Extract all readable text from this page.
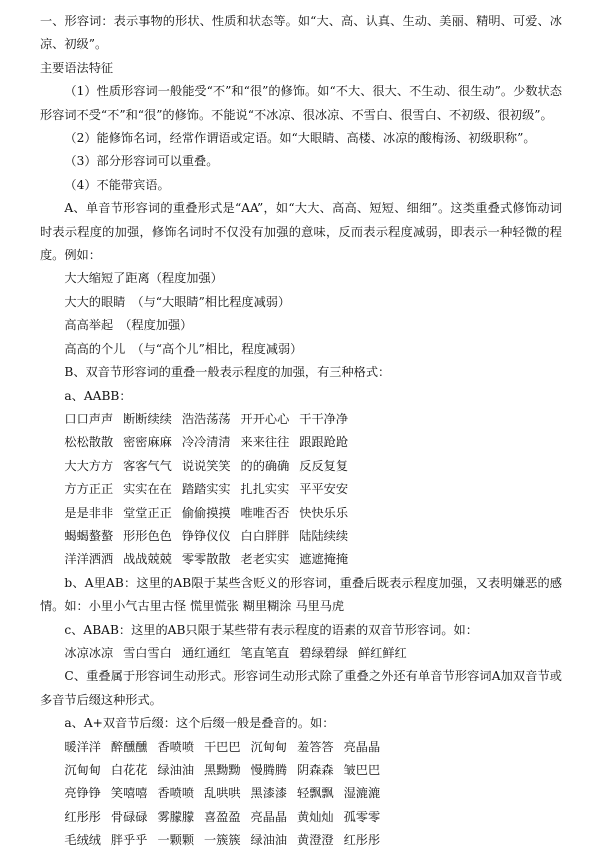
一、形容词：表示事物的形状、性质和状态等。如“大、高、认真、生动、美丽、精明、可爱、冰凉、初级”。

主要语法特征

（1）性质形容词一般能受“不”和“很”的修饰。如“不大、很大、不生动、很生动”。少数状态形容词不受“不”和“很”的修饰。不能说“不冰凉、很冰凉、不雪白、很雪白、不初级、很初级”。

（2）能修饰名词，经常作谓语或定语。如“大眼睛、高楼、冰凉的酸梅汤、初级职称”。

（3）部分形容词可以重叠。

（4）不能带宾语。

A、单音节形容词的重叠形式是“AA”，如“大大、高高、短短、细细”。这类重叠式修饰动词时表示程度的加强，修饰名词时不仅没有加强的意味，反而表示程度减弱，即表示一种轻微的程度。例如：

大大缩短了距离（程度加强）

大大的眼睛　（与“大眼睛”相比程度减弱）

高高举起　（程度加强）

高高的个儿　（与“高个儿”相比，程度减弱）

B、双音节形容词的重叠一般表示程度的加强，有三种格式：

a、AABB：

口口声声 断断续续 浩浩荡荡 开开心心 干干净净
松松散散 密密麻麻 冷冷清清 来来往往 跟跟跄跄
大大方方 客客气气 说说笑笑 的的确确 反反复复
方方正正 实实在在 踏踏实实 扎扎实实 平平安安
是是非非 堂堂正正 偷偷摸摸 唯唯否否 快快乐乐
蝎蝎螯螯 形形色色 铮铮仪仪 白白胖胖 陆陆续续
洋洋洒洒 战战兢兢 零零散散 老老实实 遮遮掩掩

b、A里AB：这里的AB限于某些含贬义的形容词，重叠后既表示程度加强，又表明嫌恶的感情。如：小里小气古里古怪 慌里慌张 糊里糊涂 马里马虎

c、ABAB：这里的AB只限于某些带有表示程度的语素的双音节形容词。如：

冰凉冰凉 雪白雪白 通红通红 笔直笔直 碧绿碧绿 鲜红鲜红

C、重叠属于形容词生动形式。形容词生动形式除了重叠之外还有单音节形容词A加双音节或多音节后缀这种形式。

a、A+双音节后缀：这个后缀一般是叠音的。如：

暖洋洋 醉醺醺 香喷喷 干巴巴 沉甸甸 羞答答 亮晶晶
沉甸甸 白花花 绿油油 黑黝黝 慢腾腾 阴森森 皱巴巴
亮铮铮 笑嘻嘻 香喷喷 乱哄哄 黑漆漆 轻飘飘 湿漉漉
红彤彤 骨碌碌 雾朦朦 喜盈盈 亮晶晶 黄灿灿 孤零零
毛绒绒 胖乎乎 一颗颗 一簇簇 绿油油 黄澄澄 红彤彤
